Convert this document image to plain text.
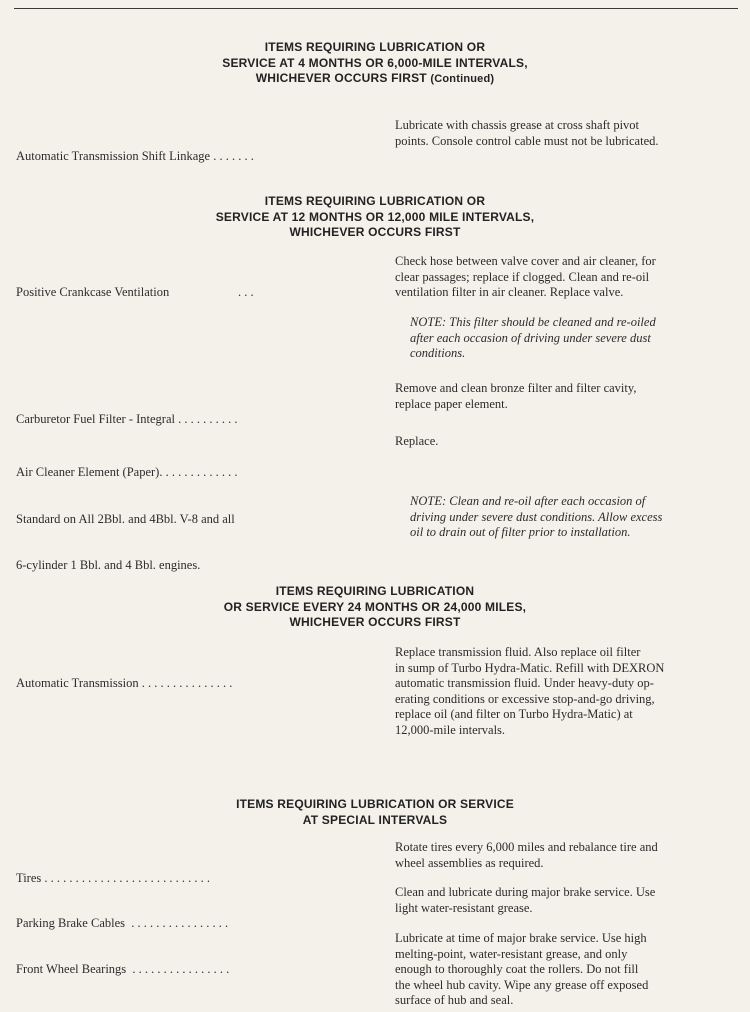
ITEMS REQUIRING LUBRICATION OR
SERVICE AT 4 MONTHS OR 6,000-MILE INTERVALS,
WHICHEVER OCCURS FIRST (Continued)

Automatic Transmission Shift Linkage . . . . . . .

Lubricate with chassis grease at cross shaft pivot
points. Console control cable must not be lubricated.
ITEMS REQUIRING LUBRICATION OR
SERVICE AT 12 MONTHS OR 12,000 MILE INTERVALS,
WHICHEVER OCCURS FIRST

Positive Crankcase Ventilation                      . . .

Check hose between valve cover and air cleaner, for
clear passages; replace if clogged. Clean and re-oil
ventilation filter in air cleaner. Replace valve.
NOTE: This filter should be cleaned and re-oiled
after each occasion of driving under severe dust
conditions.

Carburetor Fuel Filter - Integral . . . . . . . . . .

Remove and clean bronze filter and filter cavity,
replace paper element.

Air Cleaner Element (Paper). . . . . . . . . . . . .

Standard on All 2Bbl. and 4Bbl. V-8 and all

6-cylinder 1 Bbl. and 4 Bbl. engines.

Replace.
NOTE: Clean and re-oil after each occasion of
driving under severe dust conditions. Allow excess
oil to drain out of filter prior to installation.
ITEMS REQUIRING LUBRICATION
OR SERVICE EVERY 24 MONTHS OR 24,000 MILES,
WHICHEVER OCCURS FIRST

Automatic Transmission . . . . . . . . . . . . . . .

Replace transmission fluid. Also replace oil filter
in sump of Turbo Hydra-Matic. Refill with DEXRON
automatic transmission fluid. Under heavy-duty op-
erating conditions or excessive stop-and-go driving,
replace oil (and filter on Turbo Hydra-Matic) at
12,000-mile intervals.
ITEMS REQUIRING LUBRICATION OR SERVICE
AT SPECIAL INTERVALS

Tires . . . . . . . . . . . . . . . . . . . . . . . . . . .

Rotate tires every 6,000 miles and rebalance tire and
wheel assemblies as required.

Parking Brake Cables  . . . . . . . . . . . . . . . .

Clean and lubricate during major brake service. Use
light water-resistant grease.

Front Wheel Bearings  . . . . . . . . . . . . . . . .

Lubricate at time of major brake service. Use high
melting-point, water-resistant grease, and only
enough to thoroughly coat the rollers. Do not fill
the wheel hub cavity. Wipe any grease off exposed
surface of hub and seal.
